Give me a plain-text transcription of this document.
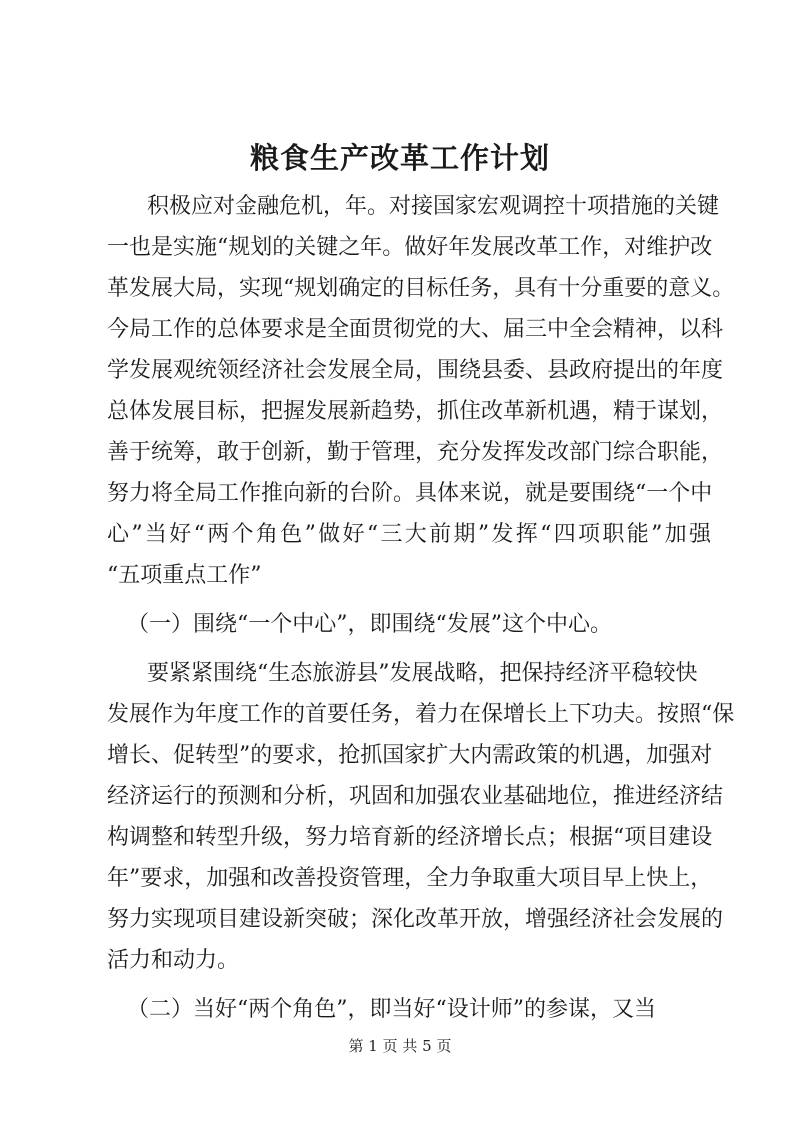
粮食生产改革工作计划
积极应对金融危机，年。对接国家宏观调控十项措施的关键
一也是实施“规划的关键之年。做好年发展改革工作，对维护改
革发展大局，实现“规划确定的目标任务，具有十分重要的意义。
今局工作的总体要求是全面贯彻党的大、届三中全会精神，以科
学发展观统领经济社会发展全局，围绕县委、县政府提出的年度
总体发展目标，把握发展新趋势，抓住改革新机遇，精于谋划，
善于统筹，敢于创新，勤于管理，充分发挥发改部门综合职能，
努力将全局工作推向新的台阶。具体来说，就是要围绕“一个中
心”当好“两个角色”做好“三大前期”发挥“四项职能”加强
“五项重点工作”
（一）围绕“一个中心”，即围绕“发展”这个中心。
要紧紧围绕“生态旅游县”发展战略，把保持经济平稳较快
发展作为年度工作的首要任务，着力在保增长上下功夫。按照“保
增长、促转型”的要求，抢抓国家扩大内需政策的机遇，加强对
经济运行的预测和分析，巩固和加强农业基础地位，推进经济结
构调整和转型升级，努力培育新的经济增长点；根据“项目建设
年”要求，加强和改善投资管理，全力争取重大项目早上快上，
努力实现项目建设新突破；深化改革开放，增强经济社会发展的
活力和动力。
（二）当好“两个角色”，即当好“设计师”的参谋，又当
第 1 页 共 5 页
